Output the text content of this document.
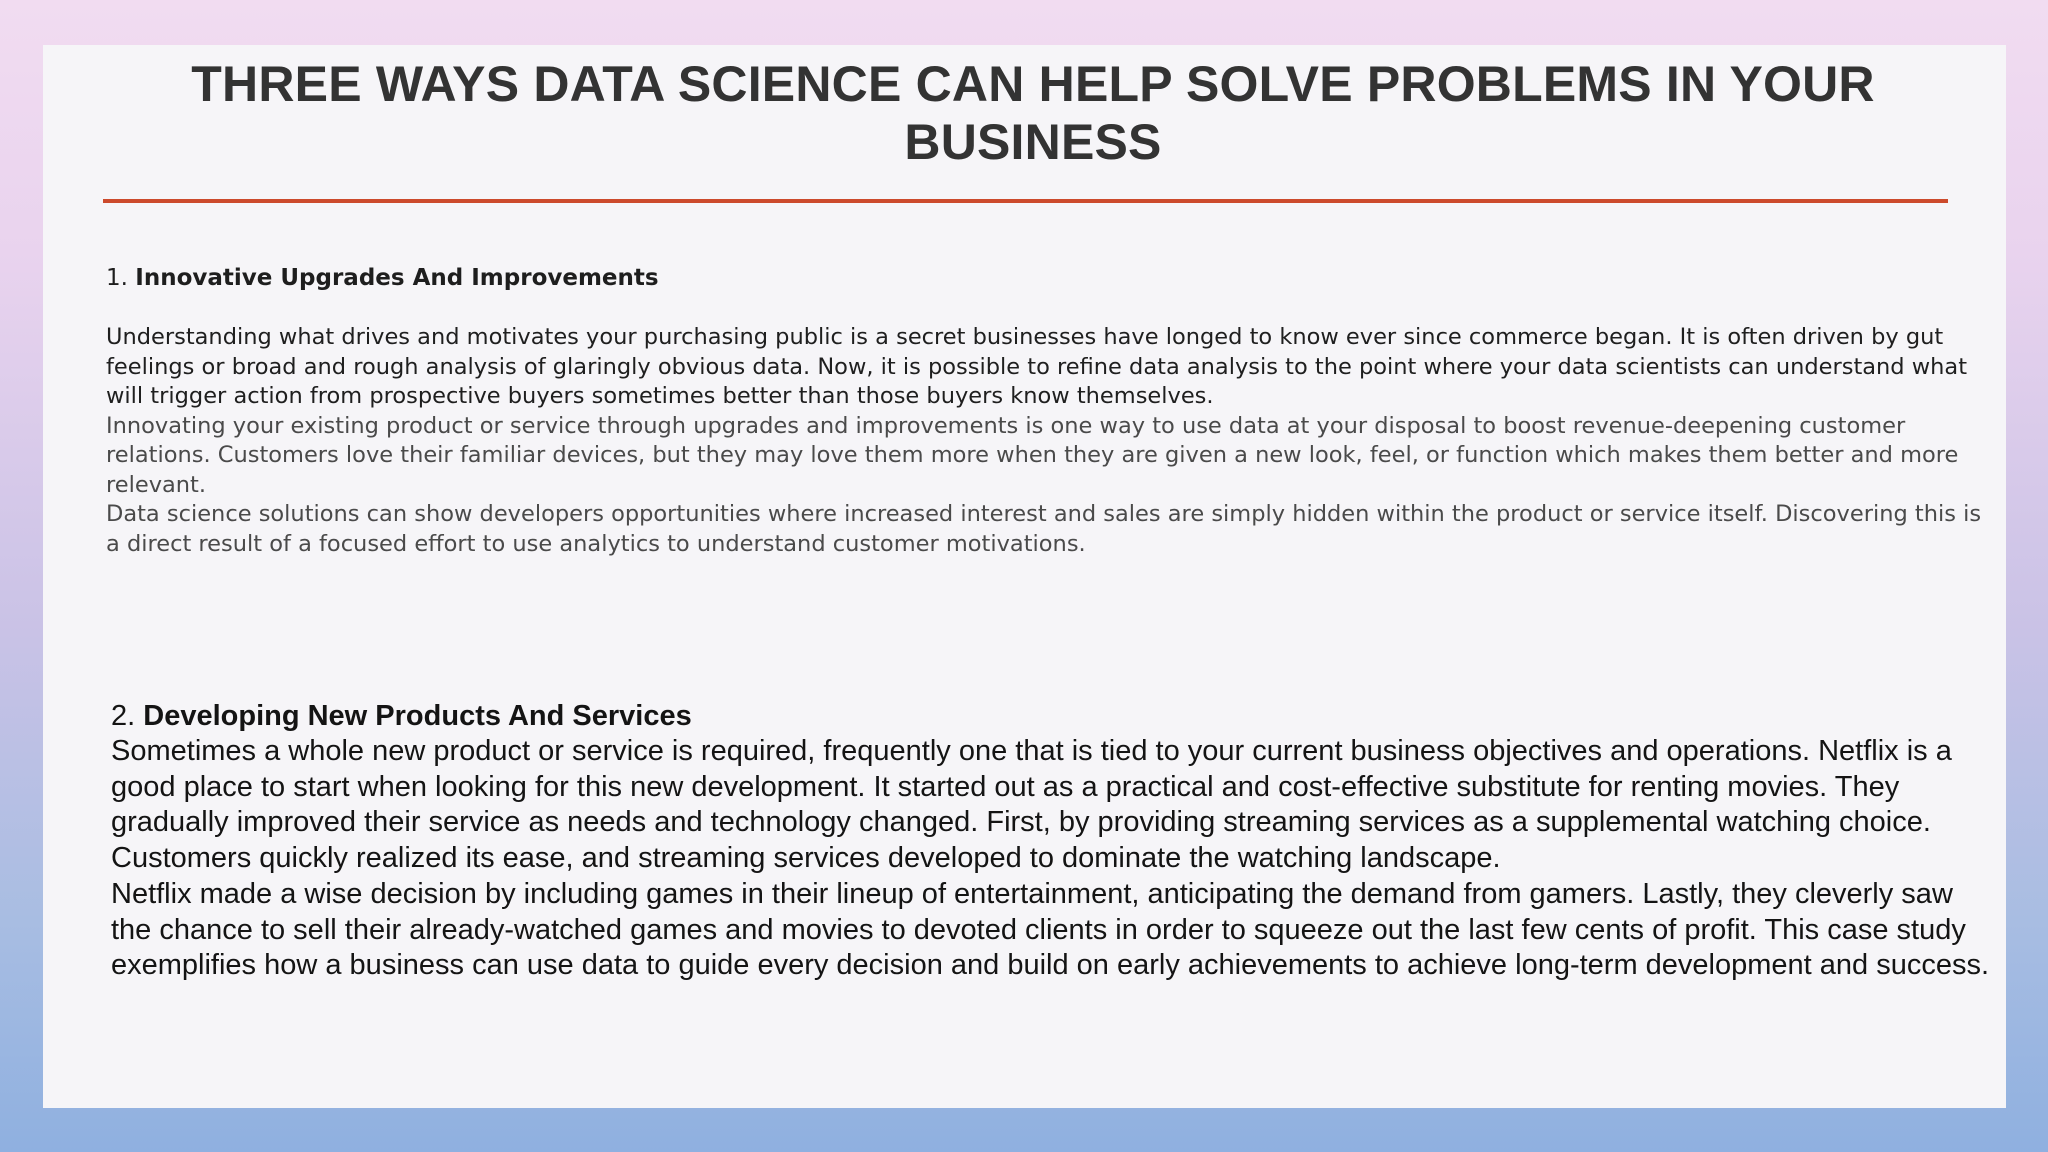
THREE WAYS DATA SCIENCE CAN HELP SOLVE PROBLEMS IN YOUR BUSINESS

1. Innovative Upgrades And Improvements

Understanding what drives and motivates your purchasing public is a secret businesses have longed to know ever since commerce began. It is often driven by gut feelings or broad and rough analysis of glaringly obvious data. Now, it is possible to refine data analysis to the point where your data scientists can understand what will trigger action from prospective buyers sometimes better than those buyers know themselves.

Innovating your existing product or service through upgrades and improvements is one way to use data at your disposal to boost revenue-deepening customer relations. Customers love their familiar devices, but they may love them more when they are given a new look, feel, or function which makes them better and more relevant.

Data science solutions can show developers opportunities where increased interest and sales are simply hidden within the product or service itself. Discovering this is a direct result of a focused effort to use analytics to understand customer motivations.

2. Developing New Products And Services

Sometimes a whole new product or service is required, frequently one that is tied to your current business objectives and operations. Netflix is a good place to start when looking for this new development. It started out as a practical and cost-effective substitute for renting movies. They gradually improved their service as needs and technology changed. First, by providing streaming services as a supplemental watching choice. Customers quickly realized its ease, and streaming services developed to dominate the watching landscape.

Netflix made a wise decision by including games in their lineup of entertainment, anticipating the demand from gamers. Lastly, they cleverly saw the chance to sell their already-watched games and movies to devoted clients in order to squeeze out the last few cents of profit. This case study exemplifies how a business can use data to guide every decision and build on early achievements to achieve long-term development and success.
